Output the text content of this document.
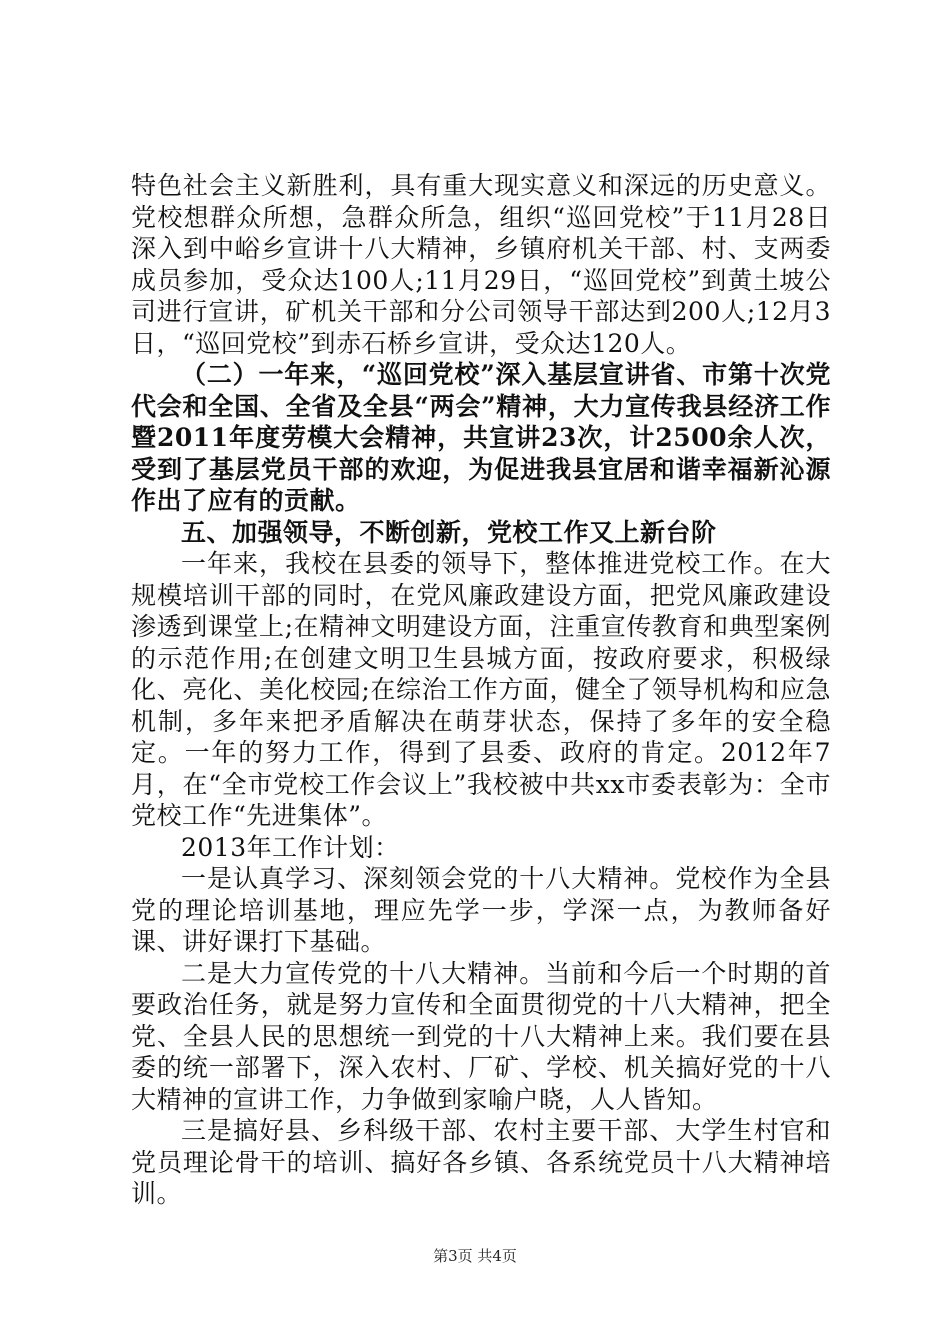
特色社会主义新胜利，具有重大现实意义和深远的历史意义。党校想群众所想，急群众所急，组织“巡回党校”于11月28日深入到中峪乡宣讲十八大精神，乡镇府机关干部、村、支两委成员参加，受众达100人;11月29日，“巡回党校”到黄土坡公司进行宣讲，矿机关干部和分公司领导干部达到200人;12月3日，“巡回党校”到赤石桥乡宣讲，受众达120人。

（二）一年来，“巡回党校”深入基层宣讲省、市第十次党代会和全国、全省及全县“两会”精神，大力宣传我县经济工作暨2011年度劳模大会精神，共宣讲23次，计2500余人次，受到了基层党员干部的欢迎，为促进我县宜居和谐幸福新沁源作出了应有的贡献。

五、加强领导，不断创新，党校工作又上新台阶

一年来，我校在县委的领导下，整体推进党校工作。在大规模培训干部的同时，在党风廉政建设方面，把党风廉政建设渗透到课堂上;在精神文明建设方面，注重宣传教育和典型案例的示范作用;在创建文明卫生县城方面，按政府要求，积极绿化、亮化、美化校园;在综治工作方面，健全了领导机构和应急机制，多年来把矛盾解决在萌芽状态，保持了多年的安全稳定。一年的努力工作，得到了县委、政府的肯定。2012年7月，在“全市党校工作会议上”我校被中共xx市委表彰为：全市党校工作“先进集体”。

2013年工作计划：

一是认真学习、深刻领会党的十八大精神。党校作为全县党的理论培训基地，理应先学一步，学深一点，为教师备好课、讲好课打下基础。

二是大力宣传党的十八大精神。当前和今后一个时期的首要政治任务，就是努力宣传和全面贯彻党的十八大精神，把全党、全县人民的思想统一到党的十八大精神上来。我们要在县委的统一部署下，深入农村、厂矿、学校、机关搞好党的十八大精神的宣讲工作，力争做到家喻户晓，人人皆知。

三是搞好县、乡科级干部、农村主要干部、大学生村官和党员理论骨干的培训、搞好各乡镇、各系统党员十八大精神培训。

第3页 共4页
